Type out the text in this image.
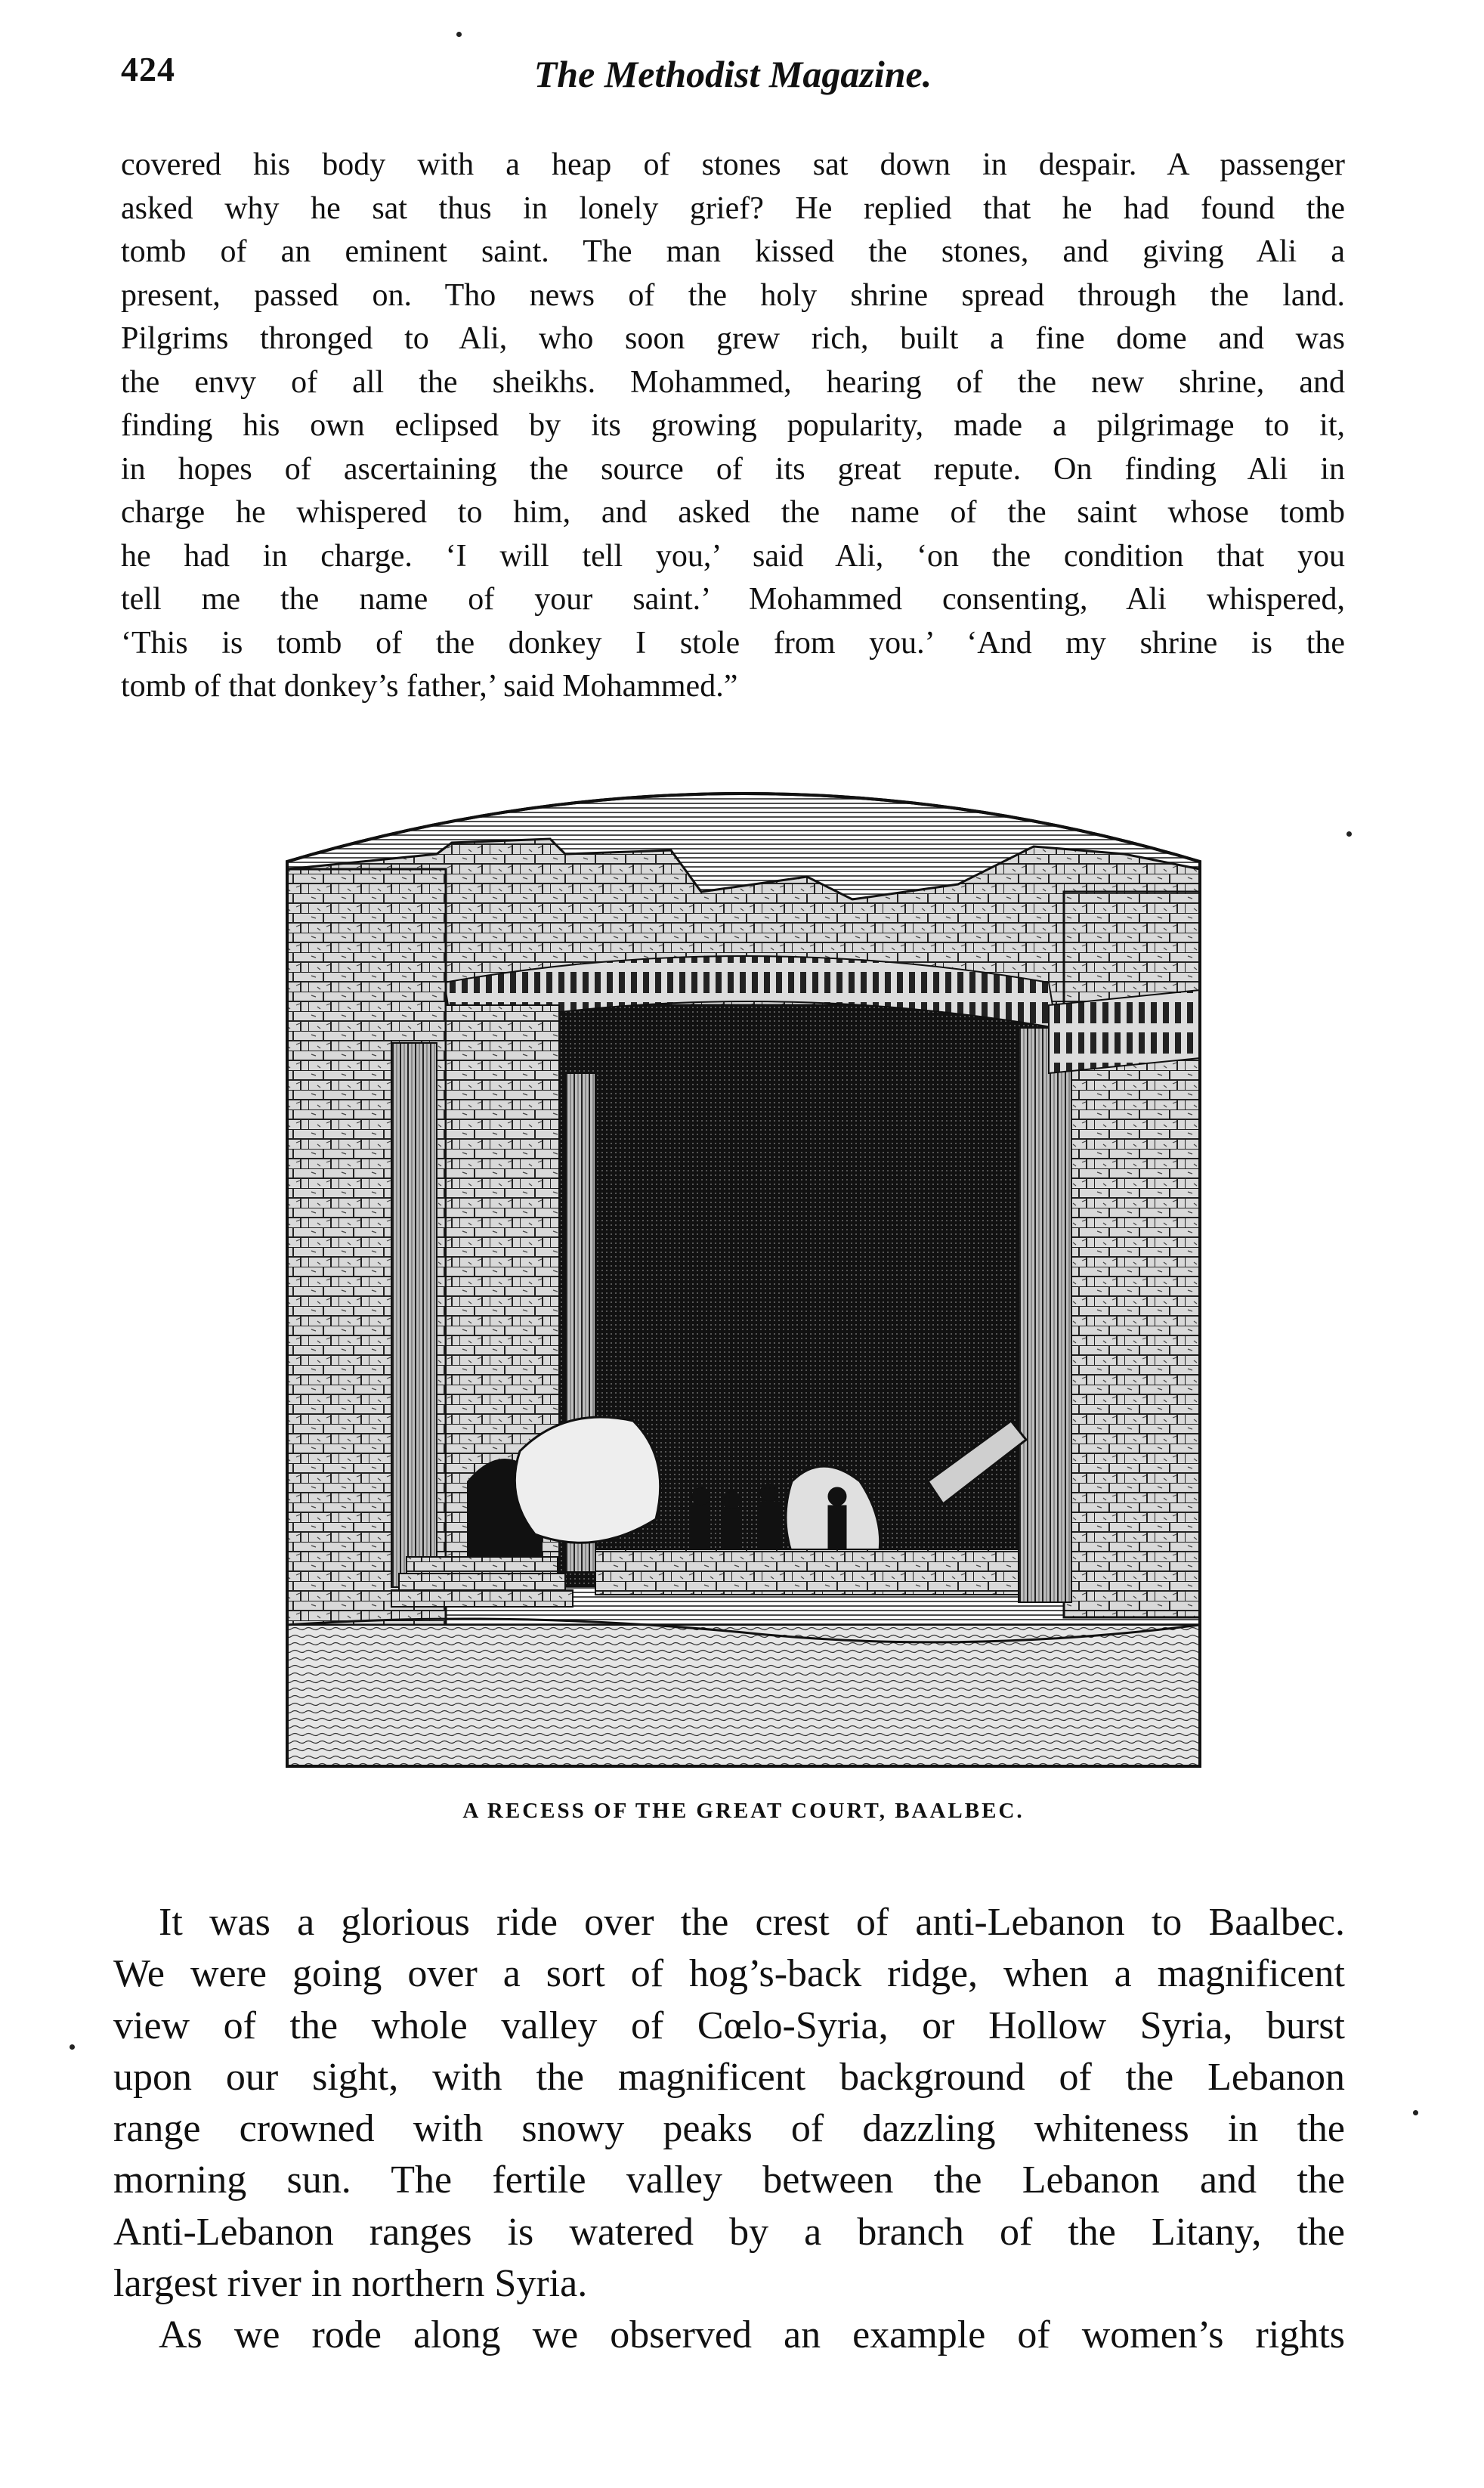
424	The Methodist Magazine.
covered his body with a heap of stones sat down in despair. A passenger
asked why he sat thus in lonely grief? He replied that he had found the
tomb of an eminent saint. The man kissed the stones, and giving Ali a
present, passed on. Tho news of the holy shrine spread through the land.
Pilgrims thronged to Ali, who soon grew rich, built a fine dome and was
the envy of all the sheikhs. Mohammed, hearing of the new shrine, and
finding his own eclipsed by its growing popularity, made a pilgrimage to it,
in hopes of ascertaining the source of its great repute. On finding Ali in
charge he whispered to him, and asked the name of the saint whose tomb
he had in charge. ‘I will tell you,’ said Ali, ‘on the condition that you
tell me the name of your saint.’ Mohammed consenting, Ali whispered,
‘This is tomb of the donkey I stole from you.’ ‘And my shrine is the
tomb of that donkey’s father,’ said Mohammed.”
A RECESS OF THE GREAT COURT, BAALBEC.
It was a glorious ride over the crest of anti-Lebanon to Baalbec.
We were going over a sort of hog’s-back ridge, when a magnificent
view of the whole valley of Cœlo-Syria, or Hollow Syria, burst
upon our sight, with the magnificent background of the Lebanon
range crowned with snowy peaks of dazzling whiteness in the
morning sun. The fertile valley between the Lebanon and the
Anti-Lebanon ranges is watered by a branch of the Litany, the
largest river in northern Syria.
As we rode along we observed an example of women’s rights
